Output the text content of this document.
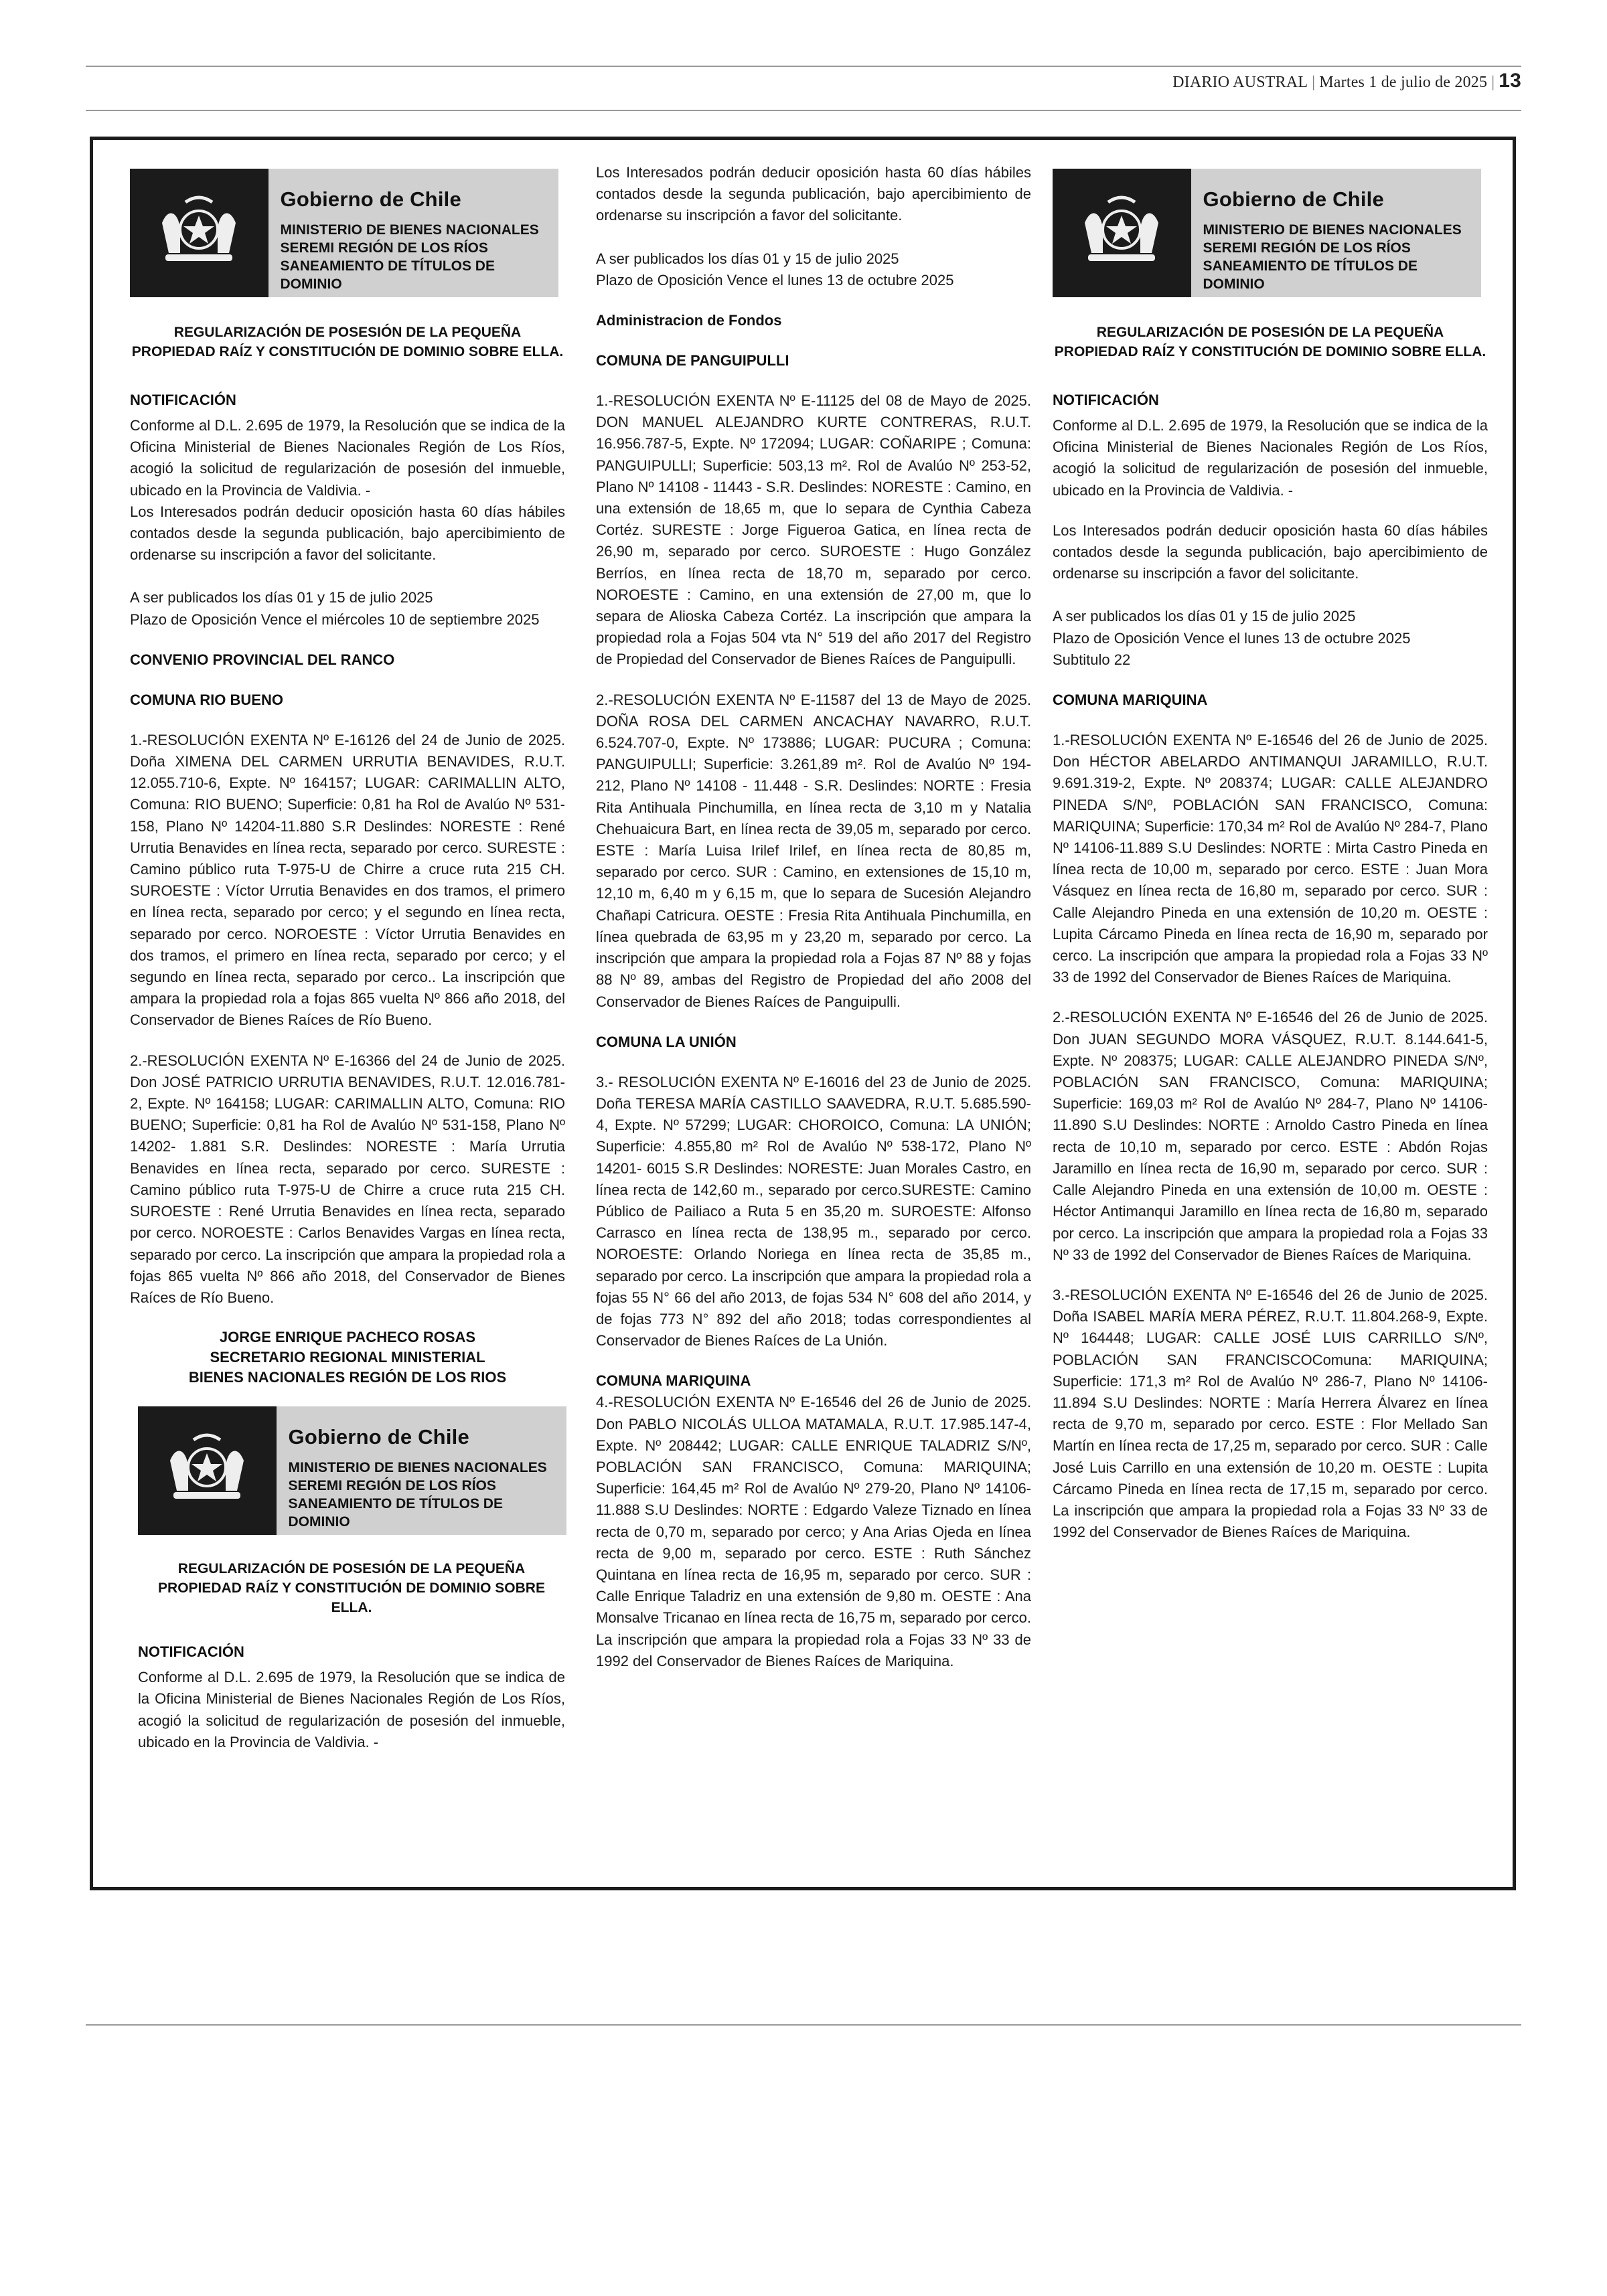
DIARIO AUSTRAL | Martes 1 de julio de 2025 | 13
Gobierno de Chile
MINISTERIO DE BIENES NACIONALES
SEREMI REGIÓN DE LOS RÍOS
SANEAMIENTO DE TÍTULOS DE DOMINIO
REGULARIZACIÓN DE POSESIÓN DE LA PEQUEÑA
PROPIEDAD RAÍZ Y CONSTITUCIÓN DE DOMINIO SOBRE ELLA.
NOTIFICACIÓN
Conforme al D.L. 2.695 de 1979, la Resolución que se indica de la Oficina Ministerial de Bienes Nacionales Región de Los Ríos, acogió la solicitud de regularización de posesión del inmueble, ubicado en la Provincia de Valdivia. -
Los Interesados podrán deducir oposición hasta 60 días hábiles contados desde la segunda publicación, bajo apercibimiento de ordenarse su inscripción a favor del solicitante.
A ser publicados los días 01 y 15 de julio 2025
Plazo de Oposición Vence el miércoles 10 de septiembre 2025
CONVENIO PROVINCIAL DEL RANCO
COMUNA RIO BUENO
1.-RESOLUCIÓN EXENTA Nº E-16126 del 24 de Junio de 2025. Doña XIMENA DEL CARMEN URRUTIA BENAVIDES, R.U.T. 12.055.710-6, Expte. Nº 164157; LUGAR: CARIMALLIN ALTO, Comuna: RIO BUENO; Superficie: 0,81 ha Rol de Avalúo Nº 531-158, Plano Nº 14204-11.880 S.R Deslindes: NORESTE : René Urrutia Benavides en línea recta, separado por cerco. SURESTE : Camino público ruta T-975-U de Chirre a cruce ruta 215 CH. SUROESTE : Víctor Urrutia Benavides en dos tramos, el primero en línea recta, separado por cerco; y el segundo en línea recta, separado por cerco. NOROESTE : Víctor Urrutia Benavides en dos tramos, el primero en línea recta, separado por cerco; y el segundo en línea recta, separado por cerco.. La inscripción que ampara la propiedad rola a fojas 865 vuelta Nº 866 año 2018, del Conservador de Bienes Raíces de Río Bueno.
2.-RESOLUCIÓN EXENTA Nº E-16366 del 24 de Junio de 2025. Don JOSÉ PATRICIO URRUTIA BENAVIDES, R.U.T. 12.016.781-2, Expte. Nº 164158; LUGAR: CARIMALLIN ALTO, Comuna: RIO BUENO; Superficie: 0,81 ha Rol de Avalúo Nº 531-158, Plano Nº 14202- 1.881 S.R. Deslindes: NORESTE : María Urrutia Benavides en línea recta, separado por cerco. SURESTE : Camino público ruta T-975-U de Chirre a cruce ruta 215 CH. SUROESTE : René Urrutia Benavides en línea recta, separado por cerco. NOROESTE : Carlos Benavides Vargas en línea recta, separado por cerco. La inscripción que ampara la propiedad rola a fojas 865 vuelta Nº 866 año 2018, del Conservador de Bienes Raíces de Río Bueno.
JORGE ENRIQUE PACHECO ROSAS
SECRETARIO REGIONAL MINISTERIAL
BIENES NACIONALES REGIÓN DE LOS RIOS
Gobierno de Chile
MINISTERIO DE BIENES NACIONALES
SEREMI REGIÓN DE LOS RÍOS
SANEAMIENTO DE TÍTULOS DE DOMINIO
REGULARIZACIÓN DE POSESIÓN DE LA PEQUEÑA
PROPIEDAD RAÍZ Y CONSTITUCIÓN DE DOMINIO SOBRE ELLA.
NOTIFICACIÓN
Conforme al D.L. 2.695 de 1979, la Resolución que se indica de la Oficina Ministerial de Bienes Nacionales Región de Los Ríos, acogió la solicitud de regularización de posesión del inmueble, ubicado en la Provincia de Valdivia. -
Los Interesados podrán deducir oposición hasta 60 días hábiles contados desde la segunda publicación, bajo apercibimiento de ordenarse su inscripción a favor del solicitante.
A ser publicados los días 01 y 15 de julio 2025
Plazo de Oposición Vence el lunes 13 de octubre 2025
Administracion de Fondos
COMUNA DE PANGUIPULLI
1.-RESOLUCIÓN EXENTA Nº E-11125 del 08 de Mayo de 2025. DON MANUEL ALEJANDRO KURTE CONTRERAS, R.U.T. 16.956.787-5, Expte. Nº 172094; LUGAR: COÑARIPE ; Comuna: PANGUIPULLI; Superficie: 503,13 m². Rol de Avalúo Nº 253-52, Plano Nº 14108 - 11443 - S.R. Deslindes: NORESTE : Camino, en una extensión de 18,65 m, que lo separa de Cynthia Cabeza Cortéz. SURESTE : Jorge Figueroa Gatica, en línea recta de 26,90 m, separado por cerco. SUROESTE : Hugo González Berríos, en línea recta de 18,70 m, separado por cerco. NOROESTE : Camino, en una extensión de 27,00 m, que lo separa de Alioska Cabeza Cortéz. La inscripción que ampara la propiedad rola a Fojas 504 vta N° 519 del año 2017 del Registro de Propiedad del Conservador de Bienes Raíces de Panguipulli.
2.-RESOLUCIÓN EXENTA Nº E-11587 del 13 de Mayo de 2025. DOÑA ROSA DEL CARMEN ANCACHAY NAVARRO, R.U.T. 6.524.707-0, Expte. Nº 173886; LUGAR: PUCURA ; Comuna: PANGUIPULLI; Superficie: 3.261,89 m². Rol de Avalúo Nº 194-212, Plano Nº 14108 - 11.448 - S.R. Deslindes: NORTE : Fresia Rita Antihuala Pinchumilla, en línea recta de 3,10 m y Natalia Chehuaicura Bart, en línea recta de 39,05 m, separado por cerco. ESTE : María Luisa Irilef Irilef, en línea recta de 80,85 m, separado por cerco. SUR : Camino, en extensiones de 15,10 m, 12,10 m, 6,40 m y 6,15 m, que lo separa de Sucesión Alejandro Chañapi Catricura. OESTE : Fresia Rita Antihuala Pinchumilla, en línea quebrada de 63,95 m y 23,20 m, separado por cerco. La inscripción que ampara la propiedad rola a Fojas 87 Nº 88 y fojas 88 Nº 89, ambas del Registro de Propiedad del año 2008 del Conservador de Bienes Raíces de Panguipulli.
COMUNA LA UNIÓN
3.- RESOLUCIÓN EXENTA Nº E-16016 del 23 de Junio de 2025. Doña TERESA MARÍA CASTILLO SAAVEDRA, R.U.T. 5.685.590-4, Expte. Nº 57299; LUGAR: CHOROICO, Comuna: LA UNIÓN; Superficie: 4.855,80 m² Rol de Avalúo Nº 538-172, Plano Nº 14201- 6015 S.R Deslindes: NORESTE: Juan Morales Castro, en línea recta de 142,60 m., separado por cerco.SURESTE: Camino Público de Pailiaco a Ruta 5 en 35,20 m. SUROESTE: Alfonso Carrasco en línea recta de 138,95 m., separado por cerco. NOROESTE: Orlando Noriega en línea recta de 35,85 m., separado por cerco. La inscripción que ampara la propiedad rola a fojas 55 N° 66 del año 2013, de fojas 534 N° 608 del año 2014, y de fojas 773 N° 892 del año 2018; todas correspondientes al Conservador de Bienes Raíces de La Unión.
COMUNA MARIQUINA
4.-RESOLUCIÓN EXENTA Nº E-16546 del 26 de Junio de 2025. Don PABLO NICOLÁS ULLOA MATAMALA, R.U.T. 17.985.147-4, Expte. Nº 208442; LUGAR: CALLE ENRIQUE TALADRIZ S/Nº, POBLACIÓN SAN FRANCISCO, Comuna: MARIQUINA; Superficie: 164,45 m² Rol de Avalúo Nº 279-20, Plano Nº 14106-11.888 S.U Deslindes: NORTE : Edgardo Valeze Tiznado en línea recta de 0,70 m, separado por cerco; y Ana Arias Ojeda en línea recta de 9,00 m, separado por cerco. ESTE : Ruth Sánchez Quintana en línea recta de 16,95 m, separado por cerco. SUR : Calle Enrique Taladriz en una extensión de 9,80 m. OESTE : Ana Monsalve Tricanao en línea recta de 16,75 m, separado por cerco. La inscripción que ampara la propiedad rola a Fojas 33 Nº 33 de 1992 del Conservador de Bienes Raíces de Mariquina.
Gobierno de Chile
MINISTERIO DE BIENES NACIONALES
SEREMI REGIÓN DE LOS RÍOS
SANEAMIENTO DE TÍTULOS DE DOMINIO
REGULARIZACIÓN DE POSESIÓN DE LA PEQUEÑA
PROPIEDAD RAÍZ Y CONSTITUCIÓN DE DOMINIO SOBRE ELLA.
NOTIFICACIÓN
Conforme al D.L. 2.695 de 1979, la Resolución que se indica de la Oficina Ministerial de Bienes Nacionales Región de Los Ríos, acogió la solicitud de regularización de posesión del inmueble, ubicado en la Provincia de Valdivia. -
Los Interesados podrán deducir oposición hasta 60 días hábiles contados desde la segunda publicación, bajo apercibimiento de ordenarse su inscripción a favor del solicitante.
A ser publicados los días 01 y 15 de julio 2025
Plazo de Oposición Vence el lunes 13 de octubre 2025
Subtitulo 22
COMUNA MARIQUINA
1.-RESOLUCIÓN EXENTA Nº E-16546 del 26 de Junio de 2025. Don HÉCTOR ABELARDO ANTIMANQUI JARAMILLO, R.U.T. 9.691.319-2, Expte. Nº 208374; LUGAR: CALLE ALEJANDRO PINEDA S/Nº, POBLACIÓN SAN FRANCISCO, Comuna: MARIQUINA; Superficie: 170,34 m² Rol de Avalúo Nº 284-7, Plano Nº 14106-11.889 S.U Deslindes: NORTE : Mirta Castro Pineda en línea recta de 10,00 m, separado por cerco. ESTE : Juan Mora Vásquez en línea recta de 16,80 m, separado por cerco. SUR : Calle Alejandro Pineda en una extensión de 10,20 m. OESTE : Lupita Cárcamo Pineda en línea recta de 16,90 m, separado por cerco. La inscripción que ampara la propiedad rola a Fojas 33 Nº 33 de 1992 del Conservador de Bienes Raíces de Mariquina.
2.-RESOLUCIÓN EXENTA Nº E-16546 del 26 de Junio de 2025. Don JUAN SEGUNDO MORA VÁSQUEZ, R.U.T. 8.144.641-5, Expte. Nº 208375; LUGAR: CALLE ALEJANDRO PINEDA S/Nº, POBLACIÓN SAN FRANCISCO, Comuna: MARIQUINA; Superficie: 169,03 m² Rol de Avalúo Nº 284-7, Plano Nº 14106-11.890 S.U Deslindes: NORTE : Arnoldo Castro Pineda en línea recta de 10,10 m, separado por cerco. ESTE : Abdón Rojas Jaramillo en línea recta de 16,90 m, separado por cerco. SUR : Calle Alejandro Pineda en una extensión de 10,00 m. OESTE : Héctor Antimanqui Jaramillo en línea recta de 16,80 m, separado por cerco. La inscripción que ampara la propiedad rola a Fojas 33 Nº 33 de 1992 del Conservador de Bienes Raíces de Mariquina.
3.-RESOLUCIÓN EXENTA Nº E-16546 del 26 de Junio de 2025. Doña ISABEL MARÍA MERA PÉREZ, R.U.T. 11.804.268-9, Expte. Nº 164448; LUGAR: CALLE JOSÉ LUIS CARRILLO S/Nº, POBLACIÓN SAN FRANCISCOComuna: MARIQUINA; Superficie: 171,3 m² Rol de Avalúo Nº 286-7, Plano Nº 14106-11.894 S.U Deslindes: NORTE : María Herrera Álvarez en línea recta de 9,70 m, separado por cerco. ESTE : Flor Mellado San Martín en línea recta de 17,25 m, separado por cerco. SUR : Calle José Luis Carrillo en una extensión de 10,20 m. OESTE : Lupita Cárcamo Pineda en línea recta de 17,15 m, separado por cerco. La inscripción que ampara la propiedad rola a Fojas 33 Nº 33 de 1992 del Conservador de Bienes Raíces de Mariquina.
